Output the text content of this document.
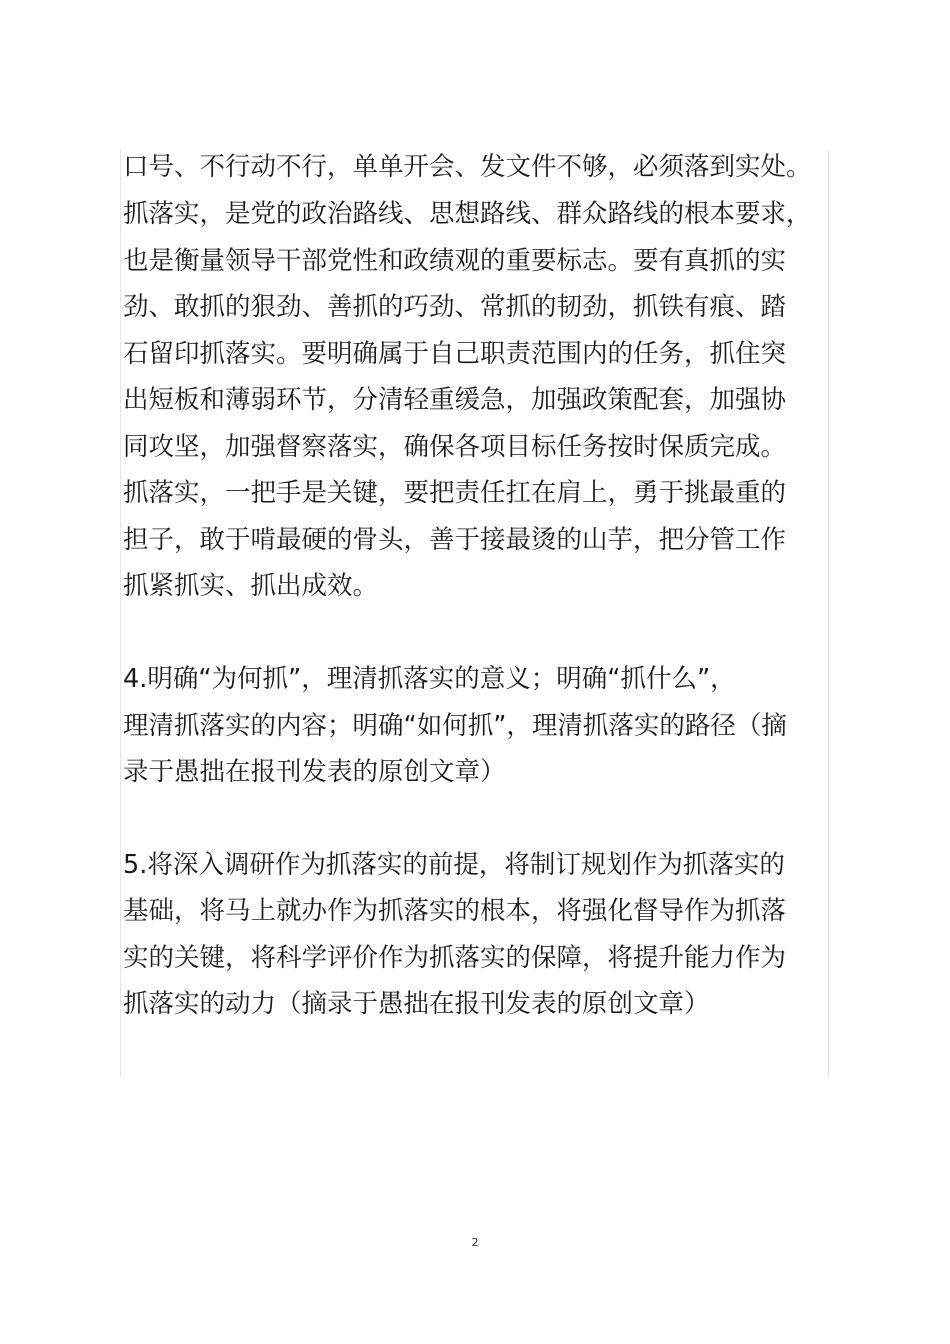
口号、不行动不行，单单开会、发文件不够，必须落到实处。

抓落实，是党的政治路线、思想路线、群众路线的根本要求，

也是衡量领导干部党性和政绩观的重要标志。要有真抓的实

劲、敢抓的狠劲、善抓的巧劲、常抓的韧劲，抓铁有痕、踏

石留印抓落实。要明确属于自己职责范围内的任务，抓住突

出短板和薄弱环节，分清轻重缓急，加强政策配套，加强协

同攻坚，加强督察落实，确保各项目标任务按时保质完成。

抓落实，一把手是关键，要把责任扛在肩上，勇于挑最重的

担子，敢于啃最硬的骨头，善于接最烫的山芋，把分管工作

抓紧抓实、抓出成效。

4.明确“为何抓”，理清抓落实的意义；明确“抓什么”，

理清抓落实的内容；明确“如何抓”，理清抓落实的路径（摘

录于愚拙在报刊发表的原创文章）

5.将深入调研作为抓落实的前提，将制订规划作为抓落实的

基础，将马上就办作为抓落实的根本，将强化督导作为抓落

实的关键，将科学评价作为抓落实的保障，将提升能力作为

抓落实的动力（摘录于愚拙在报刊发表的原创文章）

2
